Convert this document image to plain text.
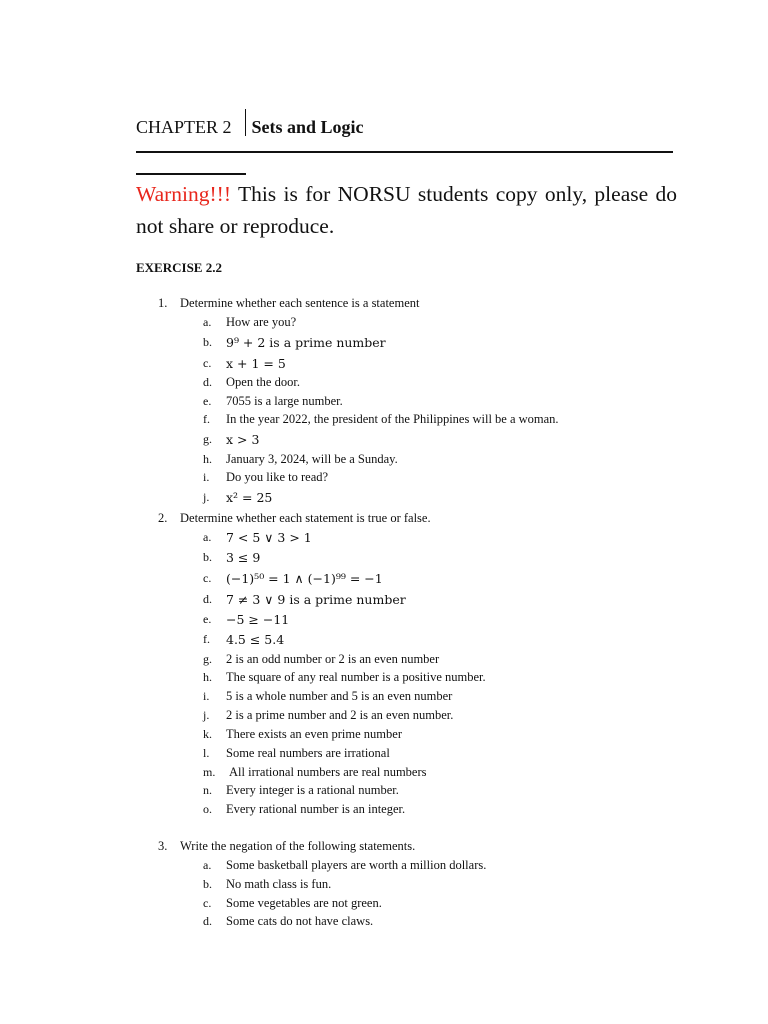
CHAPTER 2 Sets and Logic
Warning!!! This is for NORSU students copy only, please do not share or reproduce.
EXERCISE 2.2
1.	Determine whether each sentence is a statement
a.	How are you?
b.	9⁹ + 2 is a prime number
c.	x + 1 = 5
d.	Open the door.
e.	7055 is a large number.
f.	In the year 2022, the president of the Philippines will be a woman.
g.	x > 3
h.	January 3, 2024, will be a Sunday.
i.	Do you like to read?
j.	x² = 25
2.	Determine whether each statement is true or false.
a.	7 < 5 ∨ 3 > 1
b.	3 ≤ 9
c.	(−1)⁵⁰ = 1 ∧ (−1)⁹⁹ = −1
d.	7 ≠ 3 ∨ 9 is a prime number
e.	−5 ≥ −11
f.	4.5 ≤ 5.4
g.	2 is an odd number or 2 is an even number
h.	The square of any real number is a positive number.
i.	5 is a whole number and 5 is an even number
j.	2 is a prime number and 2 is an even number.
k.	There exists an even prime number
l.	Some real numbers are irrational
m.	All irrational numbers are real numbers
n.	Every integer is a rational number.
o.	Every rational number is an integer.
3.	Write the negation of the following statements.
a.	Some basketball players are worth a million dollars.
b.	No math class is fun.
c.	Some vegetables are not green.
d.	Some cats do not have claws.
